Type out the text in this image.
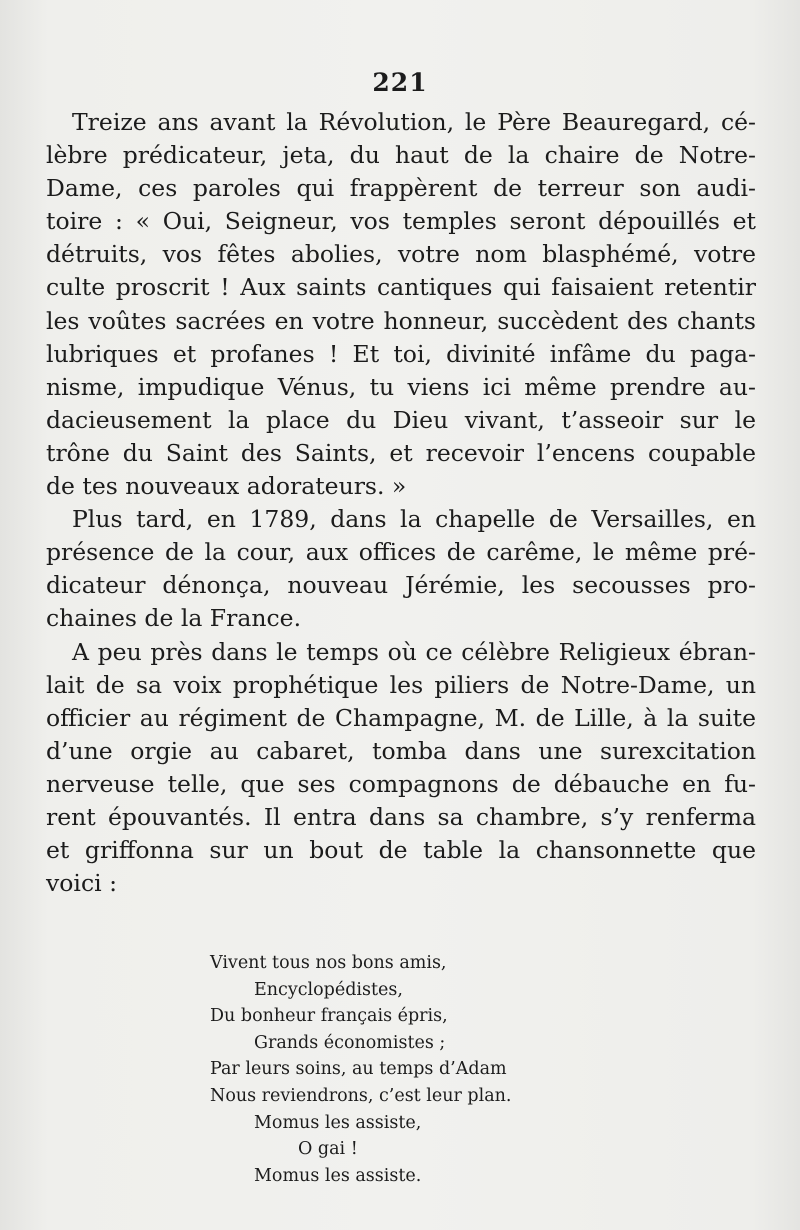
221

Treize ans avant la Révolution, le Père Beauregard, cé-
lèbre prédicateur, jeta, du haut de la chaire de Notre-
Dame, ces paroles qui frappèrent de terreur son audi-
toire : « Oui, Seigneur, vos temples seront dépouillés et
détruits, vos fêtes abolies, votre nom blasphémé, votre
culte proscrit ! Aux saints cantiques qui faisaient retentir
les voûtes sacrées en votre honneur, succèdent des chants
lubriques et profanes ! Et toi, divinité infâme du paga-
nisme, impudique Vénus, tu viens ici même prendre au-
dacieusement la place du Dieu vivant, t’asseoir sur le
trône du Saint des Saints, et recevoir l’encens coupable
de tes nouveaux adorateurs. »

Plus tard, en 1789, dans la chapelle de Versailles, en
présence de la cour, aux offices de carême, le même pré-
dicateur dénonça, nouveau Jérémie, les secousses pro-
chaines de la France.

A peu près dans le temps où ce célèbre Religieux ébran-
lait de sa voix prophétique les piliers de Notre-Dame, un
officier au régiment de Champagne, M. de Lille, à la suite
d’une orgie au cabaret, tomba dans une surexcitation
nerveuse telle, que ses compagnons de débauche en fu-
rent épouvantés. Il entra dans sa chambre, s’y renferma
et griffonna sur un bout de table la chansonnette que
voici :

Vivent tous nos bons amis,
Encyclopédistes,
Du bonheur français épris,
Grands économistes ;
Par leurs soins, au temps d’Adam
Nous reviendrons, c’est leur plan.
Momus les assiste,
O gai !
Momus les assiste.
